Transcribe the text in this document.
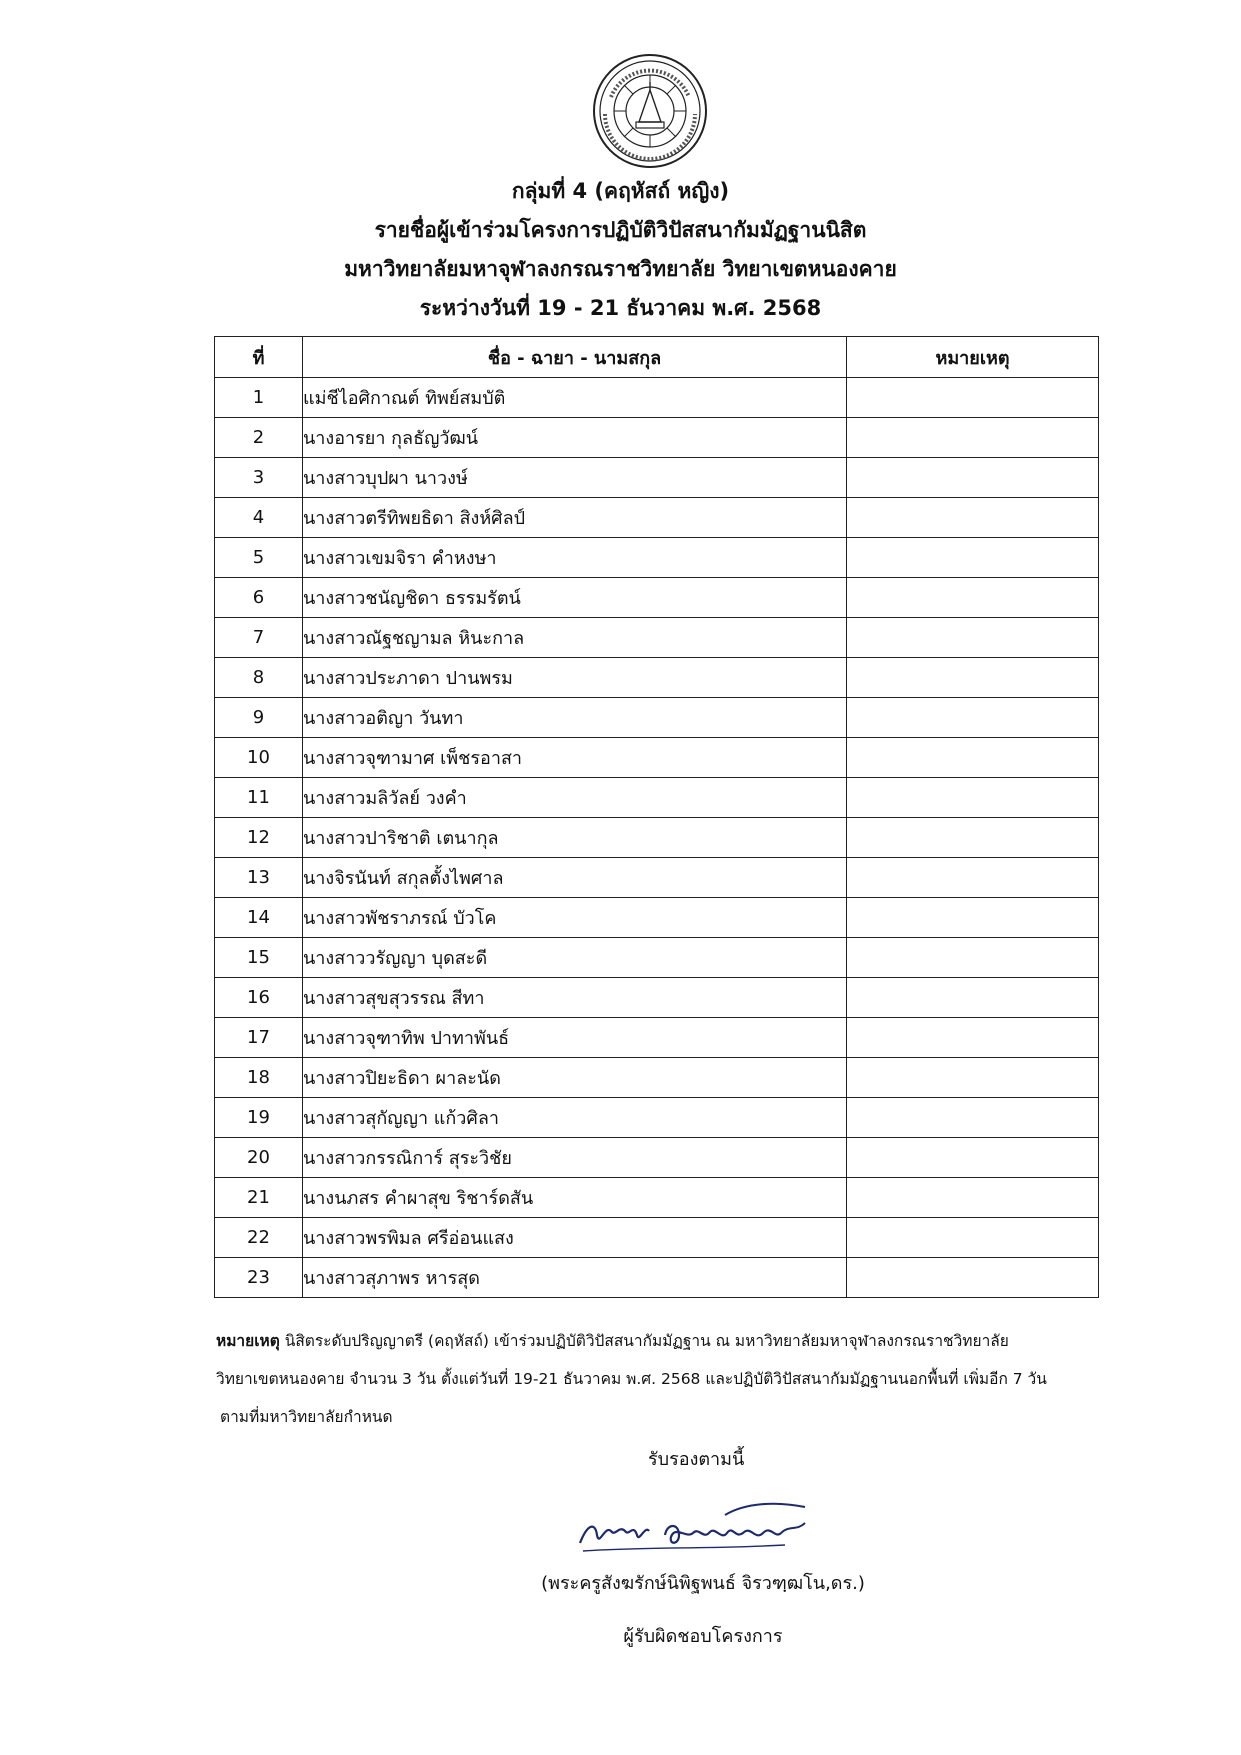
กลุ่มที่ 4 (คฤหัสถ์ หญิง)
รายชื่อผู้เข้าร่วมโครงการปฏิบัติวิปัสสนากัมมัฏฐานนิสิต
มหาวิทยาลัยมหาจุฬาลงกรณราชวิทยาลัย วิทยาเขตหนองคาย
ระหว่างวันที่ 19 - 21 ธันวาคม พ.ศ. 2568
ที่	ชื่อ - ฉายา - นามสกุล	หมายเหตุ
1	แม่ชีไอศิกาณต์ ทิพย์สมบัติ	
2	นางอารยา กุลธัญวัฒน์	
3	นางสาวบุปผา นาวงษ์	
4	นางสาวตรีทิพยธิดา สิงห์ศิลป์	
5	นางสาวเขมจิรา คำหงษา	
6	นางสาวชนัญชิดา ธรรมรัตน์	
7	นางสาวณัฐชญามล หินะกาล	
8	นางสาวประภาดา ปานพรม	
9	นางสาวอติญา วันทา	
10	นางสาวจุฑามาศ เพ็ชรอาสา	
11	นางสาวมลิวัลย์ วงคำ	
12	นางสาวปาริชาติ เตนากุล	
13	นางจิรนันท์ สกุลตั้งไพศาล	
14	นางสาวพัชราภรณ์ บัวโค	
15	นางสาววรัญญา บุดสะดี	
16	นางสาวสุขสุวรรณ สีทา	
17	นางสาวจุฑาทิพ ปาทาพันธ์	
18	นางสาวปิยะธิดา ผาละนัด	
19	นางสาวสุกัญญา แก้วศิลา	
20	นางสาวกรรณิการ์ สุระวิชัย	
21	นางนภสร คำผาสุข ริชาร์ดสัน	
22	นางสาวพรพิมล ศรีอ่อนแสง	
23	นางสาวสุภาพร หารสุด	

หมายเหตุ นิสิตระดับปริญญาตรี (คฤหัสถ์) เข้าร่วมปฏิบัติวิปัสสนากัมมัฏฐาน ณ มหาวิทยาลัยมหาจุฬาลงกรณราชวิทยาลัย

วิทยาเขตหนองคาย จำนวน 3 วัน ตั้งแต่วันที่ 19-21 ธันวาคม พ.ศ. 2568 และปฏิบัติวิปัสสนากัมมัฏฐานนอกพื้นที่ เพิ่มอีก 7 วัน

ตามที่มหาวิทยาลัยกำหนด

รับรองตามนี้
(พระครูสังฆรักษ์นิพิฐพนธ์ จิรวฑฺฒโน,ดร.)
ผู้รับผิดชอบโครงการ
